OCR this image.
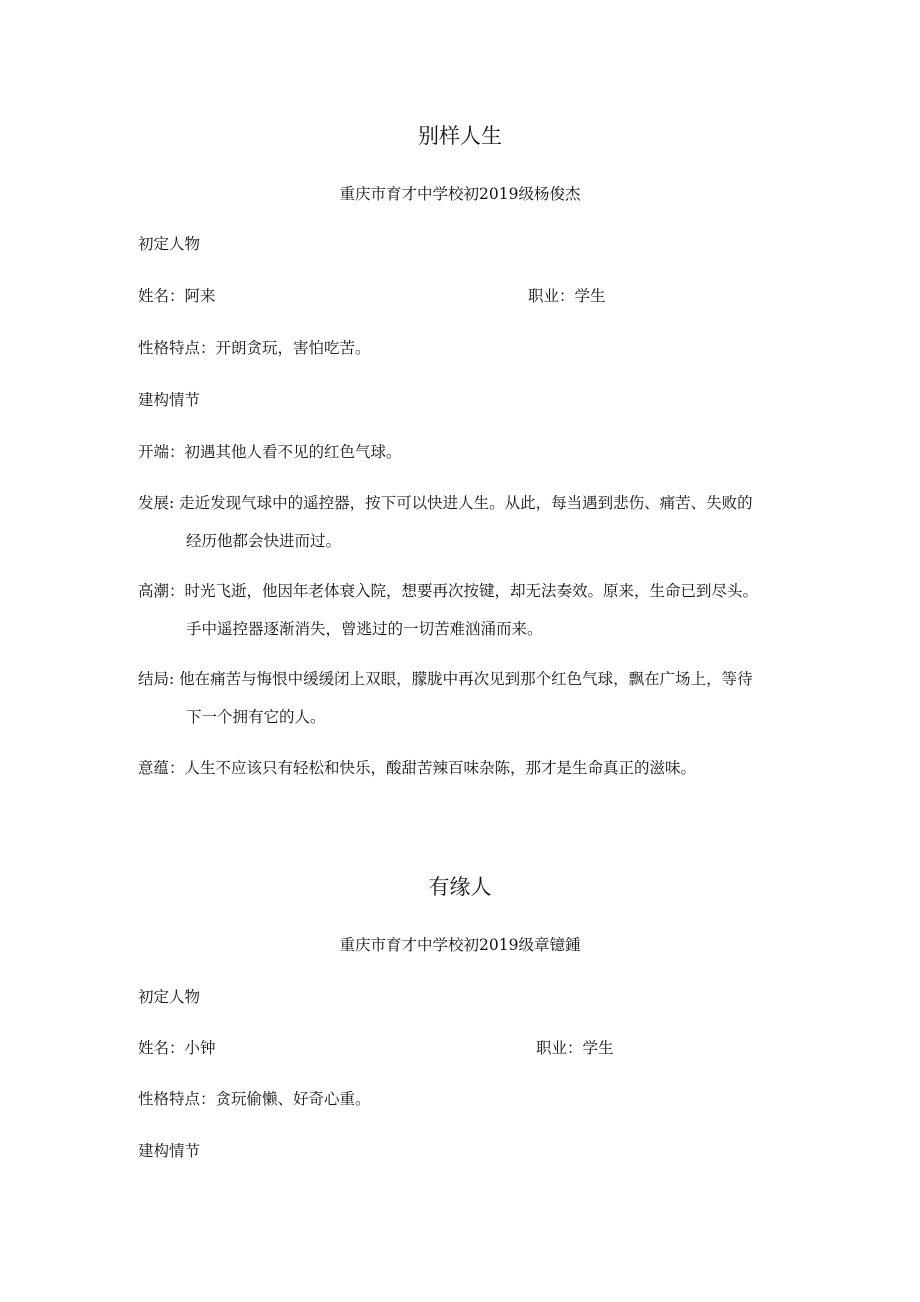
别样人生
重庆市育才中学校初2019级杨俊杰
初定人物
姓名：阿来	职业：学生
性格特点：开朗贪玩，害怕吃苦。
建构情节
开端：初遇其他人看不见的红色气球。
发展: 走近发现气球中的遥控器，按下可以快进人生。从此，每当遇到悲伤、痛苦、失败的
经历他都会快进而过。
高潮：时光飞逝，他因年老体衰入院，想要再次按键，却无法奏效。原来，生命已到尽头。
手中遥控器逐渐消失，曾逃过的一切苦难汹涌而来。
结局: 他在痛苦与悔恨中缓缓闭上双眼，朦胧中再次见到那个红色气球，飘在广场上，等待
下一个拥有它的人。
意蕴：人生不应该只有轻松和快乐，酸甜苦辣百味杂陈，那才是生命真正的滋味。
有缘人
重庆市育才中学校初2019级章镱鍾
初定人物
姓名：小钟	职业：学生
性格特点：贪玩偷懒、好奇心重。
建构情节
